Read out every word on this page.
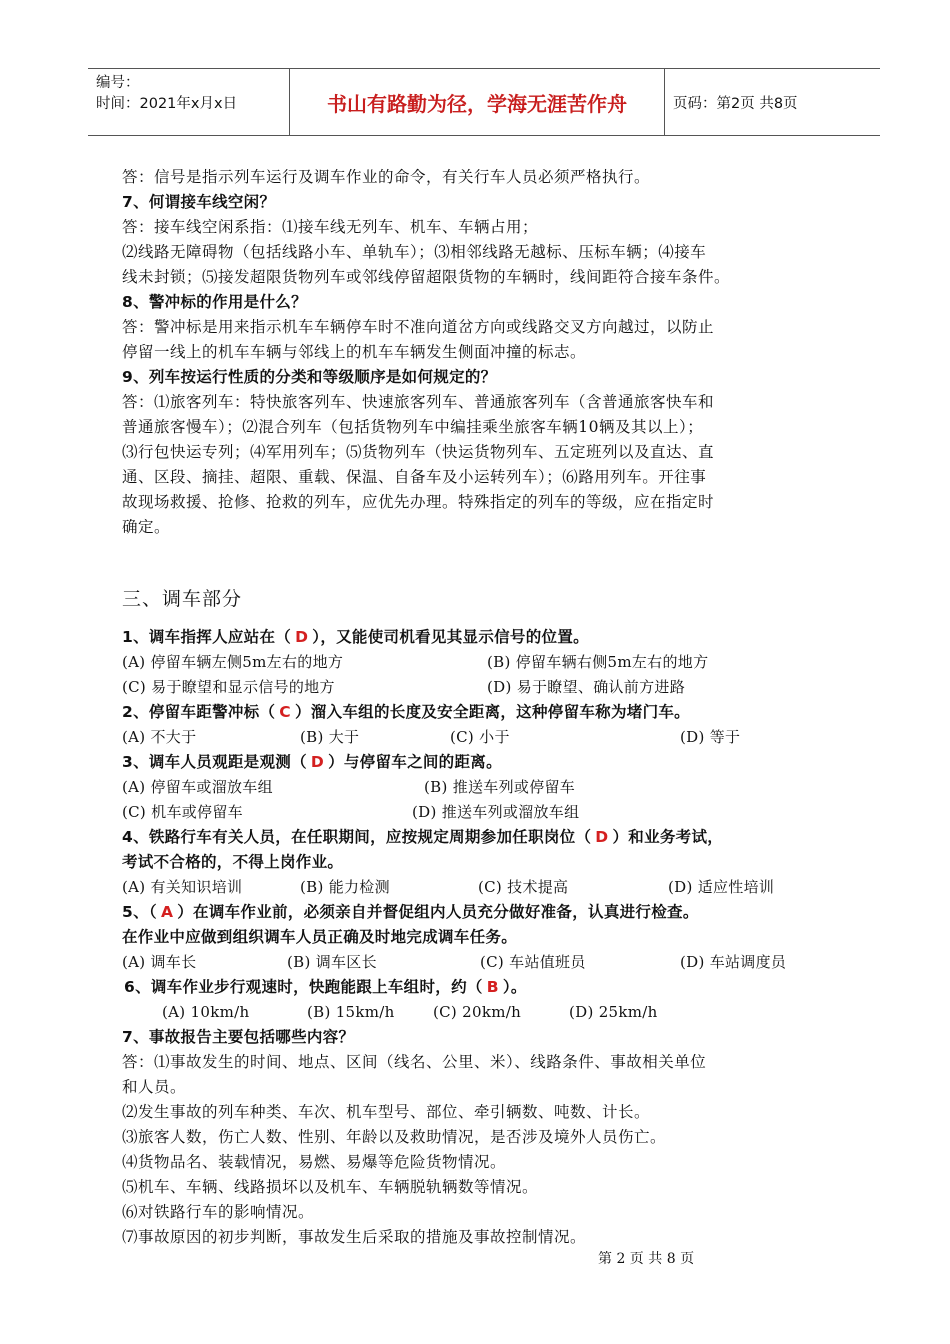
编号：
时间：2021年x月x日	书山有路勤为径，学海无涯苦作舟	页码：第2页 共8页

答：信号是指示列车运行及调车作业的命令，有关行车人员必须严格执行。

7、何谓接车线空闲？

答：接车线空闲系指：⑴接车线无列车、机车、车辆占用；

⑵线路无障碍物（包括线路小车、单轨车）；⑶相邻线路无越标、压标车辆；⑷接车

线未封锁；⑸接发超限货物列车或邻线停留超限货物的车辆时，线间距符合接车条件。

8、警冲标的作用是什么？

答：警冲标是用来指示机车车辆停车时不准向道岔方向或线路交叉方向越过，以防止

停留一线上的机车车辆与邻线上的机车车辆发生侧面冲撞的标志。

9、列车按运行性质的分类和等级顺序是如何规定的？

答：⑴旅客列车：特快旅客列车、快速旅客列车、普通旅客列车（含普通旅客快车和

普通旅客慢车）；⑵混合列车（包括货物列车中编挂乘坐旅客车辆10辆及其以上）；

⑶行包快运专列；⑷军用列车；⑸货物列车（快运货物列车、五定班列以及直达、直

通、区段、摘挂、超限、重载、保温、自备车及小运转列车）；⑹路用列车。开往事

故现场救援、抢修、抢救的列车，应优先办理。特殊指定的列车的等级，应在指定时

确定。

三、调车部分

1、调车指挥人应站在（ D ），又能使司机看见其显示信号的位置。

(A) 停留车辆左侧5m左右的地方	(B) 停留车辆右侧5m左右的地方
(C) 易于瞭望和显示信号的地方	(D) 易于瞭望、确认前方进路

2、停留车距警冲标（ C ）溜入车组的长度及安全距离，这种停留车称为堵门车。

(A) 不大于	(B) 大于	(C) 小于	(D) 等于

3、调车人员观距是观测（ D ）与停留车之间的距离。

(A) 停留车或溜放车组	(B) 推送车列或停留车
(C) 机车或停留车	(D) 推送车列或溜放车组

4、铁路行车有关人员，在任职期间，应按规定周期参加任职岗位（ D ）和业务考试，

考试不合格的，不得上岗作业。

(A) 有关知识培训	(B) 能力检测	(C) 技术提高	(D) 适应性培训

5、（ A ）在调车作业前，必须亲自并督促组内人员充分做好准备，认真进行检查。

在作业中应做到组织调车人员正确及时地完成调车任务。

(A) 调车长	(B) 调车区长	(C) 车站值班员	(D) 车站调度员

6、调车作业步行观速时，快跑能跟上车组时，约（ B ）。

(A) 10km/h	(B) 15km/h	(C) 20km/h	(D) 25km/h

7、事故报告主要包括哪些内容？

答：⑴事故发生的时间、地点、区间（线名、公里、米）、线路条件、事故相关单位

和人员。

⑵发生事故的列车种类、车次、机车型号、部位、牵引辆数、吨数、计长。

⑶旅客人数，伤亡人数、性别、年龄以及救助情况，是否涉及境外人员伤亡。

⑷货物品名、装载情况，易燃、易爆等危险货物情况。

⑸机车、车辆、线路损坏以及机车、车辆脱轨辆数等情况。

⑹对铁路行车的影响情况。

⑺事故原因的初步判断，事故发生后采取的措施及事故控制情况。

第 2 页 共 8 页
